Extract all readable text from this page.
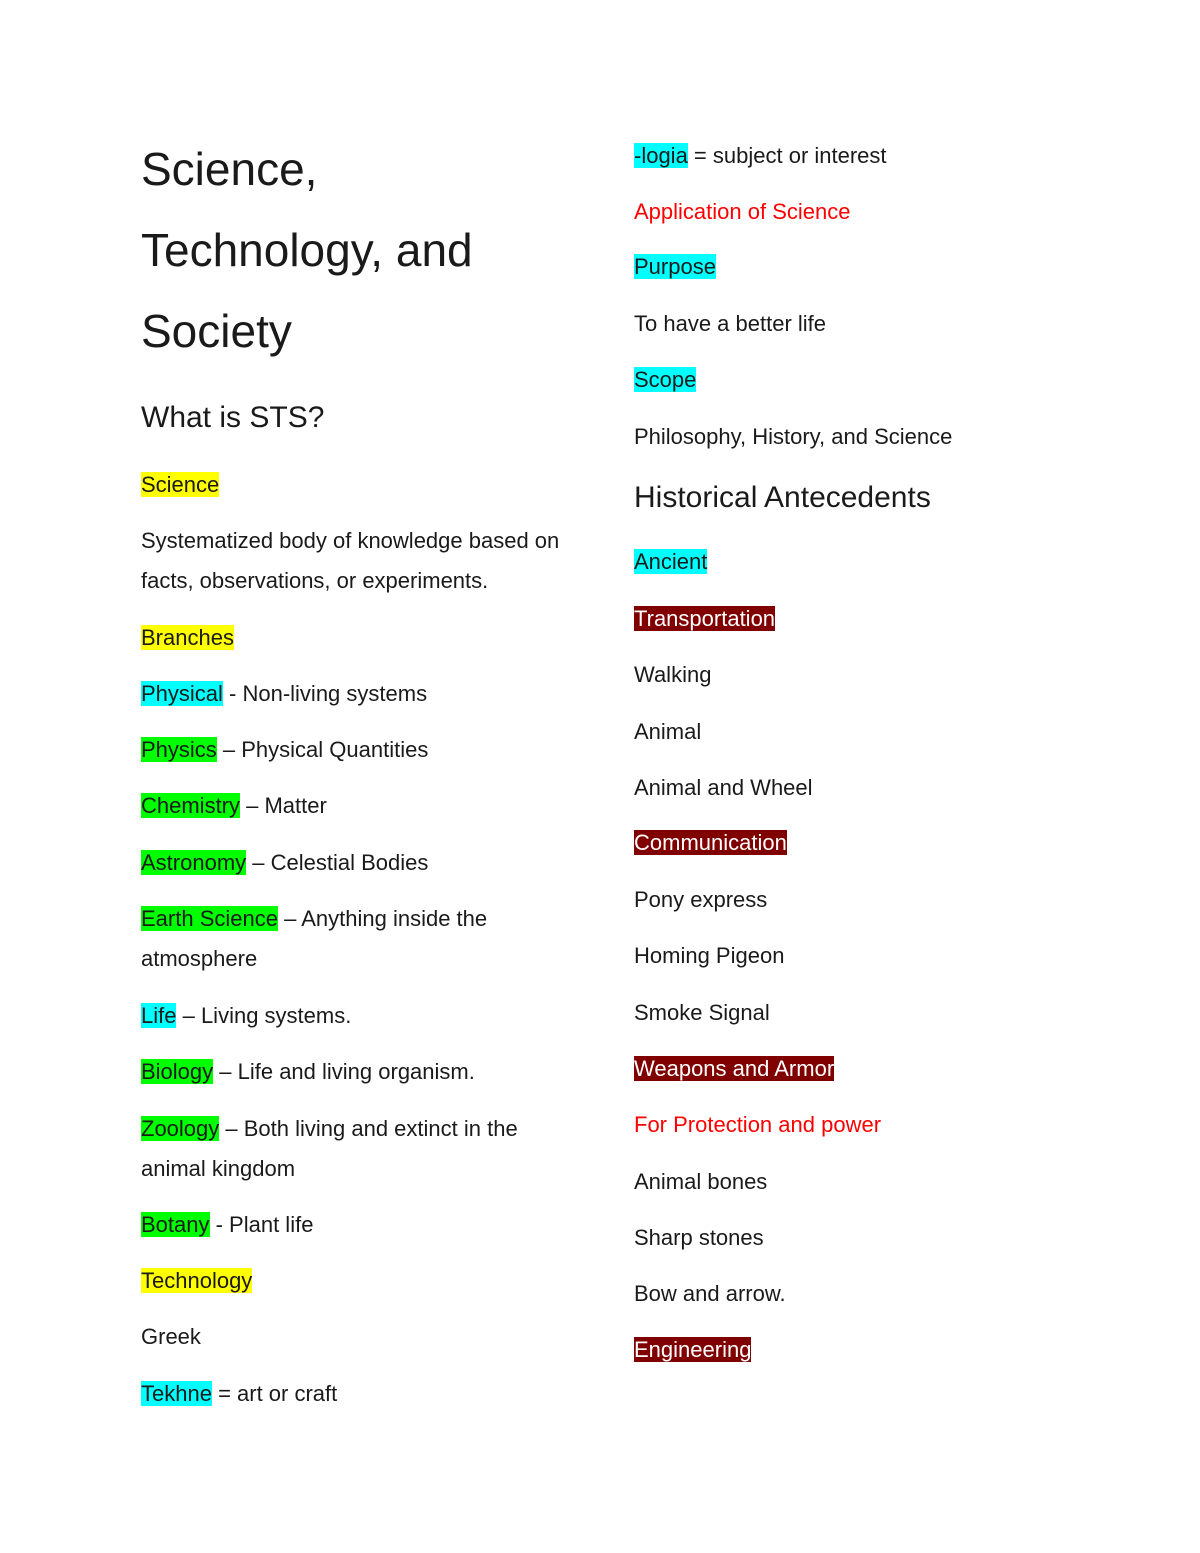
Science,
Technology, and
Society
What is STS?
Science
Systematized body of knowledge based on facts, observations, or experiments.
Branches
Physical - Non-living systems
Physics – Physical Quantities
Chemistry – Matter
Astronomy – Celestial Bodies
Earth Science – Anything inside the atmosphere
Life – Living systems.
Biology – Life and living organism.
Zoology – Both living and extinct in the animal kingdom
Botany - Plant life
Technology
Greek
Tekhne = art or craft
-logia = subject or interest
Application of Science
Purpose
To have a better life
Scope
Philosophy, History, and Science
Historical Antecedents
Ancient
Transportation
Walking
Animal
Animal and Wheel
Communication
Pony express
Homing Pigeon
Smoke Signal
Weapons and Armor
For Protection and power
Animal bones
Sharp stones
Bow and arrow.
Engineering
